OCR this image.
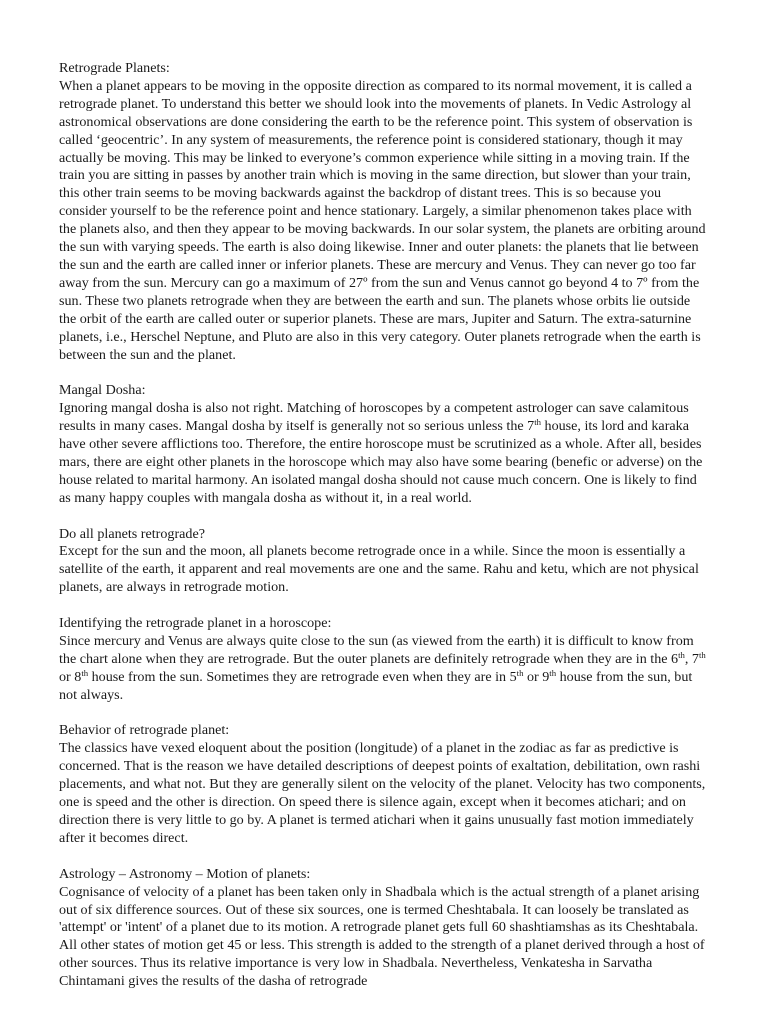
Retrograde Planets:
When a planet appears to be moving in the opposite direction as compared to its normal movement, it is called a retrograde planet. To understand this better we should look into the movements of planets. In Vedic Astrology al astronomical observations are done considering the earth to be the reference point. This system of observation is called ‘geocentric’. In any system of measurements, the reference point is considered stationary, though it may actually be moving. This may be linked to everyone’s common experience while sitting in a moving train. If the train you are sitting in passes by another train which is moving in the same direction, but slower than your train, this other train seems to be moving backwards against the backdrop of distant trees. This is so because you consider yourself to be the reference point and hence stationary. Largely, a similar phenomenon takes place with the planets also, and then they appear to be moving backwards. In our solar system, the planets are orbiting around the sun with varying speeds. The earth is also doing likewise. Inner and outer planets: the planets that lie between the sun and the earth are called inner or inferior planets. These are mercury and Venus. They can never go too far away from the sun. Mercury can go a maximum of 27º from the sun and Venus cannot go beyond 4 to 7º from the sun. These two planets retrograde when they are between the earth and sun. The planets whose orbits lie outside the orbit of the earth are called outer or superior planets. These are mars, Jupiter and Saturn. The extra-saturnine planets, i.e., Herschel Neptune, and Pluto are also in this very category. Outer planets retrograde when the earth is between the sun and the planet.
Mangal Dosha:
Ignoring mangal dosha is also not right. Matching of horoscopes by a competent astrologer can save calamitous results in many cases. Mangal dosha by itself is generally not so serious unless the 7th house, its lord and karaka have other severe afflictions too. Therefore, the entire horoscope must be scrutinized as a whole. After all, besides mars, there are eight other planets in the horoscope which may also have some bearing (benefic or adverse) on the house related to marital harmony. An isolated mangal dosha should not cause much concern. One is likely to find as many happy couples with mangala dosha as without it, in a real world.
Do all planets retrograde?
Except for the sun and the moon, all planets become retrograde once in a while. Since the moon is essentially a satellite of the earth, it apparent and real movements are one and the same. Rahu and ketu, which are not physical planets, are always in retrograde motion.
Identifying the retrograde planet in a horoscope:
Since mercury and Venus are always quite close to the sun (as viewed from the earth) it is difficult to know from the chart alone when they are retrograde. But the outer planets are definitely retrograde when they are in the 6th, 7th or 8th house from the sun. Sometimes they are retrograde even when they are in 5th or 9th house from the sun, but not always.
Behavior of retrograde planet:
The classics have vexed eloquent about the position (longitude) of a planet in the zodiac as far as predictive is concerned. That is the reason we have detailed descriptions of deepest points of exaltation, debilitation, own rashi placements, and what not. But they are generally silent on the velocity of the planet. Velocity has two components, one is speed and the other is direction. On speed there is silence again, except when it becomes atichari; and on direction there is very little to go by. A planet is termed atichari when it gains unusually fast motion immediately after it becomes direct.
Astrology – Astronomy – Motion of planets:
Cognisance of velocity of a planet has been taken only in Shadbala which is the actual strength of a planet arising out of six difference sources. Out of these six sources, one is termed Cheshtabala. It can loosely be translated as 'attempt' or 'intent' of a planet due to its motion. A retrograde planet gets full 60 shashtiamshas as its Cheshtabala. All other states of motion get 45 or less. This strength is added to the strength of a planet derived through a host of other sources. Thus its relative importance is very low in Shadbala. Nevertheless, Venkatesha in Sarvatha Chintamani gives the results of the dasha of retrograde
